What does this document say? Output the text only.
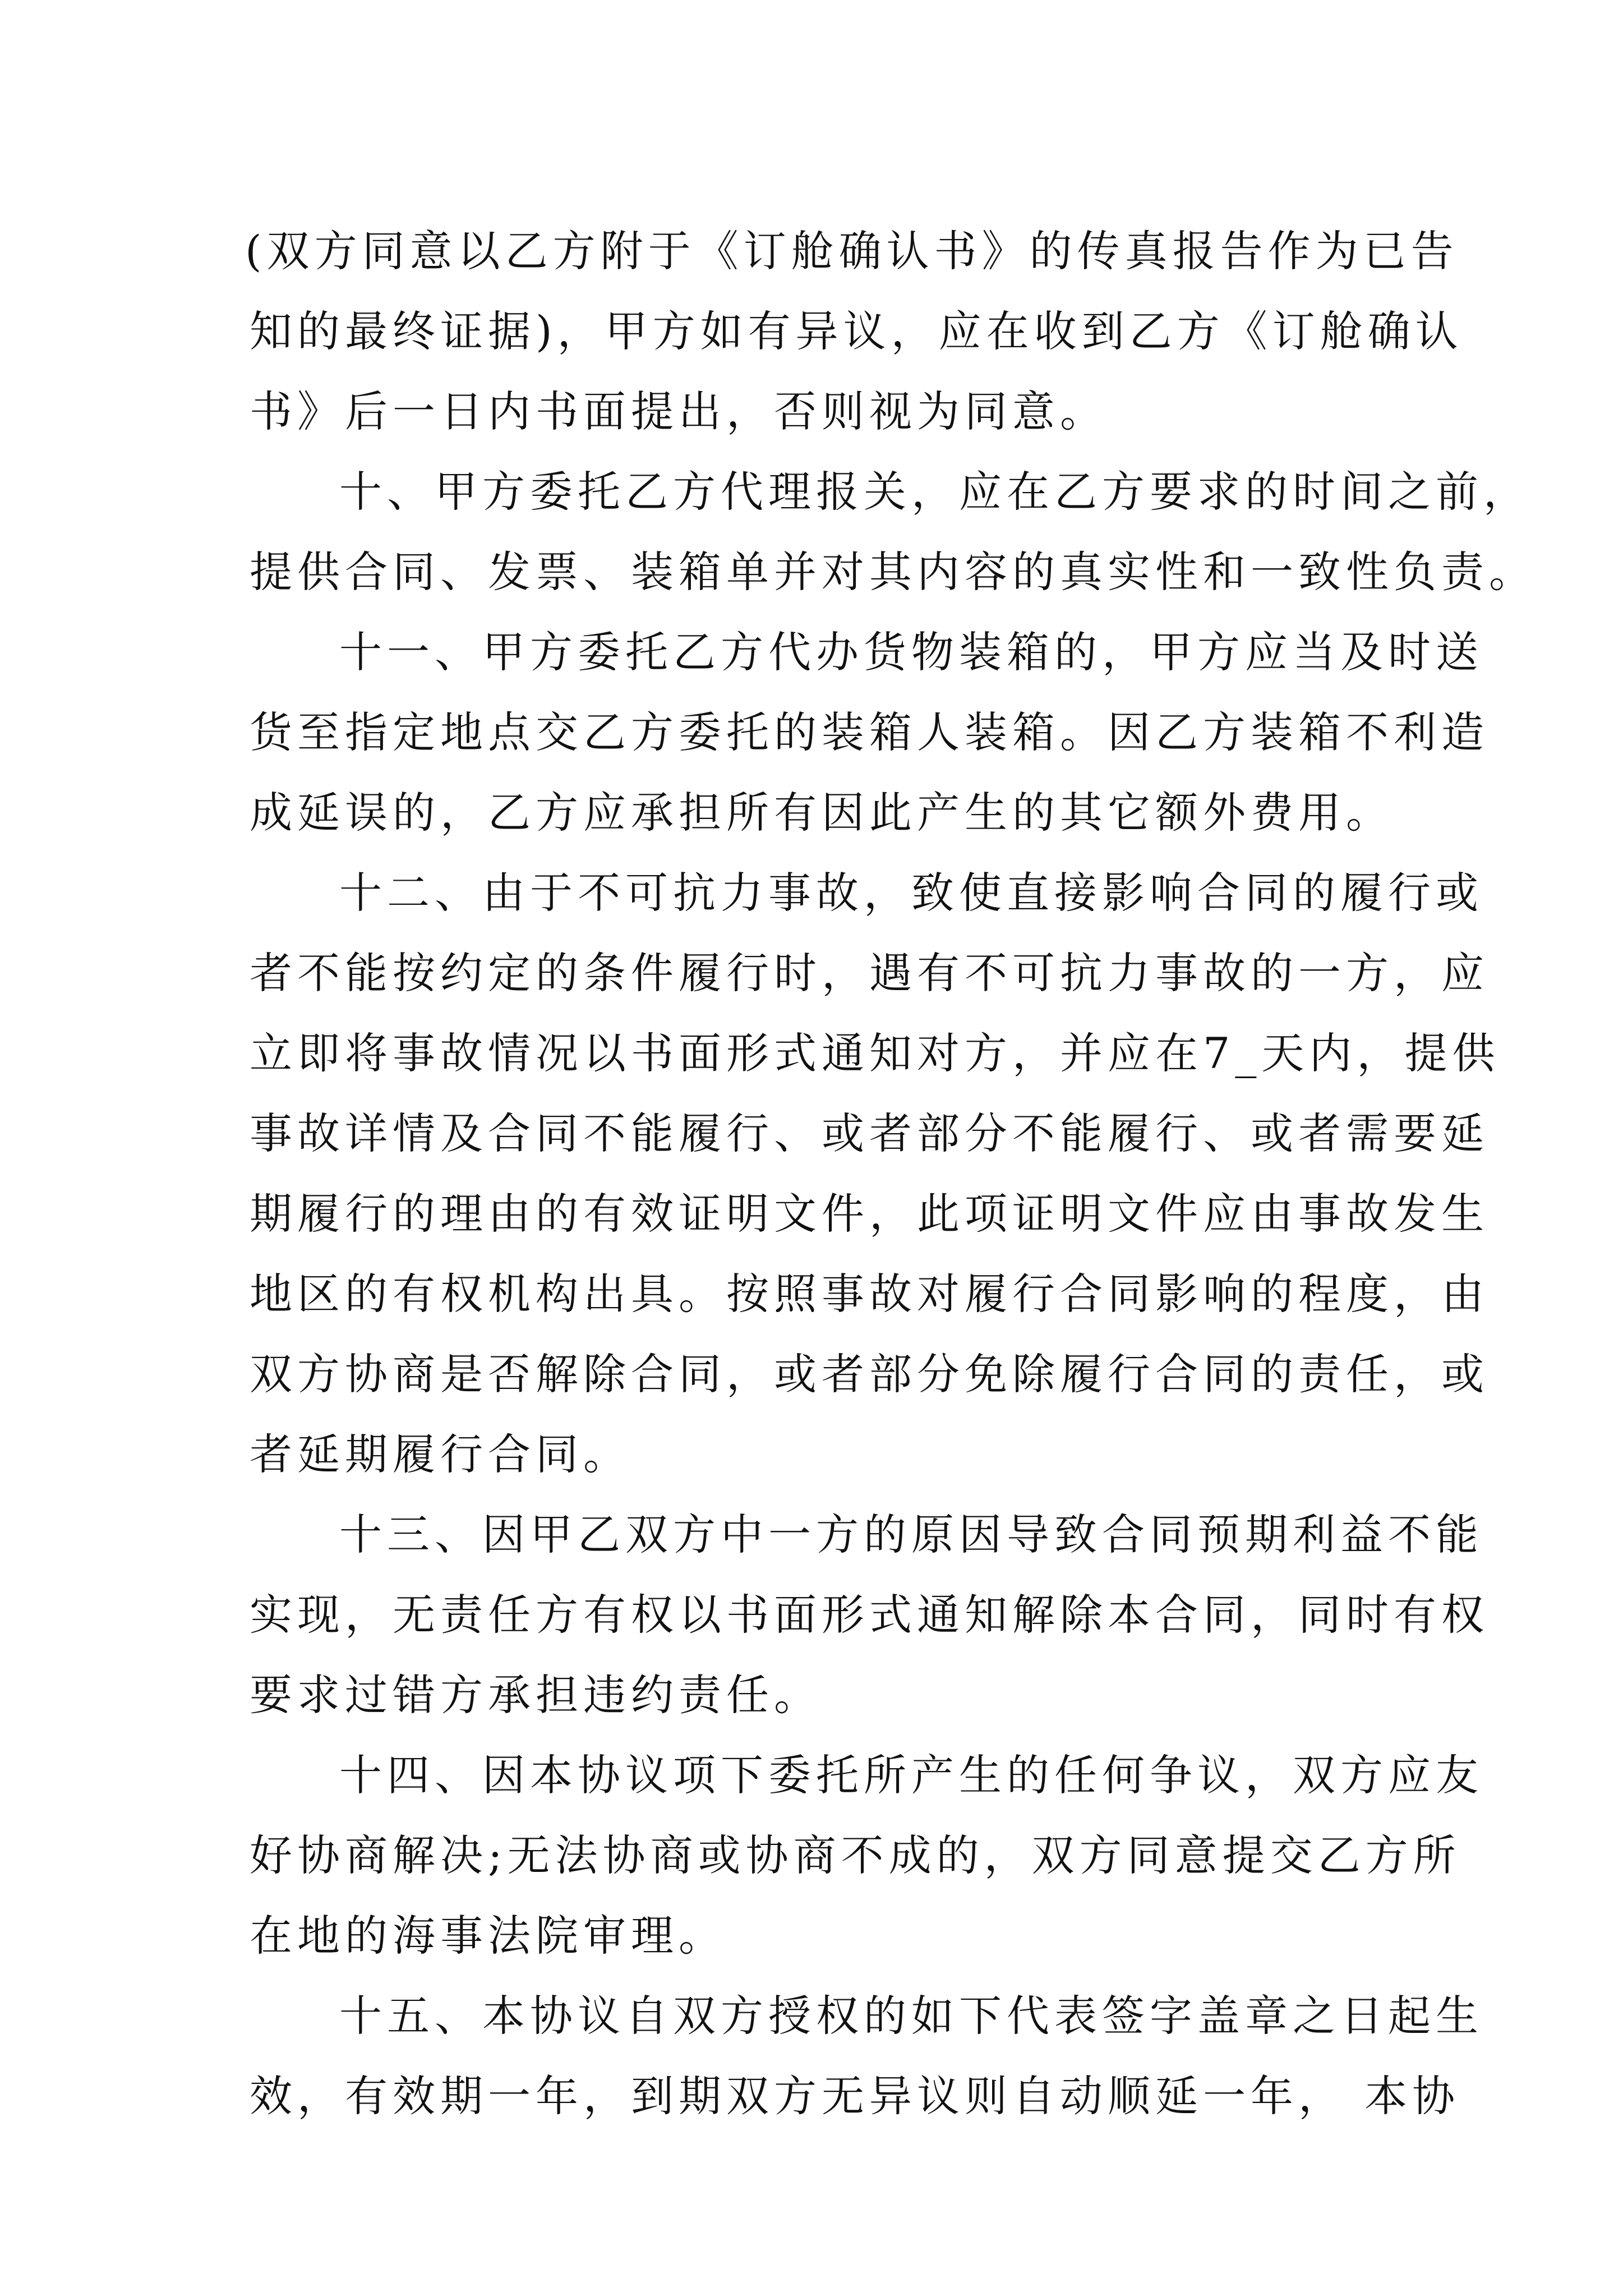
(双方同意以乙方附于《订舱确认书》的传真报告作为已告
知的最终证据)，甲方如有异议，应在收到乙方《订舱确认
书》后一日内书面提出，否则视为同意。
十、甲方委托乙方代理报关，应在乙方要求的时间之前，
提供合同、发票、装箱单并对其内容的真实性和一致性负责。
十一、甲方委托乙方代办货物装箱的，甲方应当及时送
货至指定地点交乙方委托的装箱人装箱。因乙方装箱不利造
成延误的，乙方应承担所有因此产生的其它额外费用。
十二、由于不可抗力事故，致使直接影响合同的履行或
者不能按约定的条件履行时，遇有不可抗力事故的一方，应
立即将事故情况以书面形式通知对方，并应在7_天内，提供
事故详情及合同不能履行、或者部分不能履行、或者需要延
期履行的理由的有效证明文件，此项证明文件应由事故发生
地区的有权机构出具。按照事故对履行合同影响的程度，由
双方协商是否解除合同，或者部分免除履行合同的责任，或
者延期履行合同。
十三、因甲乙双方中一方的原因导致合同预期利益不能
实现，无责任方有权以书面形式通知解除本合同，同时有权
要求过错方承担违约责任。
十四、因本协议项下委托所产生的任何争议，双方应友
好协商解决;无法协商或协商不成的，双方同意提交乙方所
在地的海事法院审理。
十五、本协议自双方授权的如下代表签字盖章之日起生
效，有效期一年，到期双方无异议则自动顺延一年， 本协
